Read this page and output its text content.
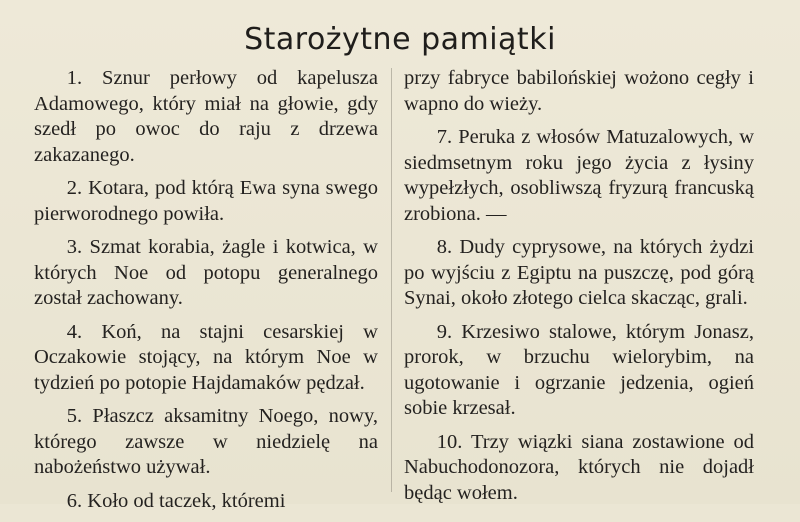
Starożytne pamiątki

1. Sznur perłowy od kapelusza Adamowego, który miał na głowie, gdy szedł po owoc do raju z drzewa zakazanego.

2. Kotara, pod którą Ewa syna swego pierworodnego powiła.

3. Szmat korabia, żagle i kotwica, w których Noe od potopu generalnego został zachowany.

4. Koń, na stajni cesarskiej w Oczakowie stojący, na którym Noe w tydzień po potopie Hajdamaków pędzał.

5. Płaszcz aksamitny Noego, nowy, którego zawsze w niedzielę na nabożeństwo używał.

6. Koło od taczek, któremi

przy fabryce babilońskiej wożono cegły i wapno do wieży.

7. Peruka z włosów Matuzalowych, w siedmsetnym roku jego życia z łysiny wypełzłych, osobliwszą fryzurą francuską zrobiona. —

8. Dudy cyprysowe, na których żydzi po wyjściu z Egiptu na puszczę, pod górą Synai, około złotego cielca skacząc, grali.

9. Krzesiwo stalowe, którym Jonasz, prorok, w brzuchu wielorybim, na ugotowanie i ogrzanie jedzenia, ogień sobie krzesał.

10. Trzy wiązki siana zostawione od Nabuchodonozora, których nie dojadł będąc wołem.
